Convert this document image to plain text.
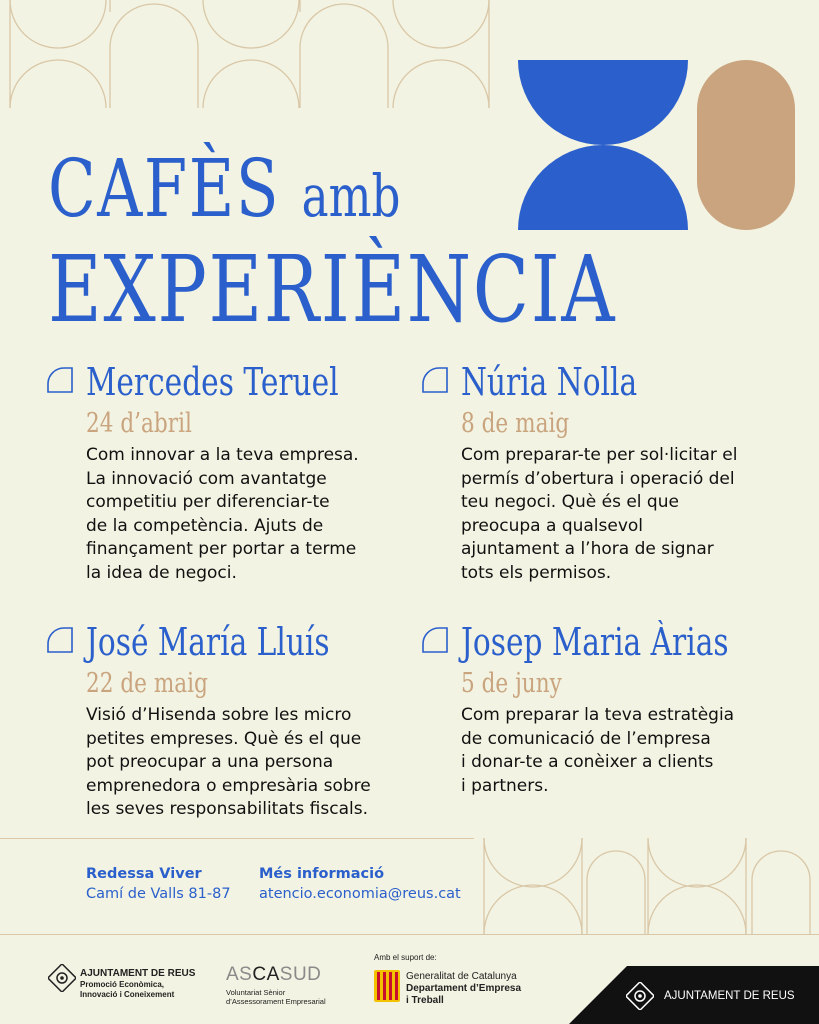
CAFÈS amb
EXPERIÈNCIA
Mercedes Teruel
24 d’abril
Com innovar a la teva empresa.
La innovació com avantatge
competitiu per diferenciar-te
de la competència. Ajuts de
finançament per portar a terme
la idea de negoci.
Núria Nolla
8 de maig
Com preparar-te per sol·licitar el
permís d’obertura i operació del
teu negoci. Què és el que
preocupa a qualsevol
ajuntament a l’hora de signar
tots els permisos.
José María Lluís
22 de maig
Visió d’Hisenda sobre les micro
petites empreses. Què és el que
pot preocupar a una persona
emprenedora o empresària sobre
les seves responsabilitats fiscals.
Josep Maria Àrias
5 de juny
Com preparar la teva estratègia
de comunicació de l’empresa
i donar-te a conèixer a clients
i partners.
Redessa Viver
Camí de Valls 81-87
Més informació
atencio.economia@reus.cat
AJUNTAMENT DE REUS
Promoció Econòmica,
Innovació i Coneixement
ASCASUD
Voluntariat Sènior
d’Assessorament Empresarial
Amb el suport de:
Generalitat de Catalunya
Departament d’Empresa
i Treball	AJUNTAMENT DE REUS
